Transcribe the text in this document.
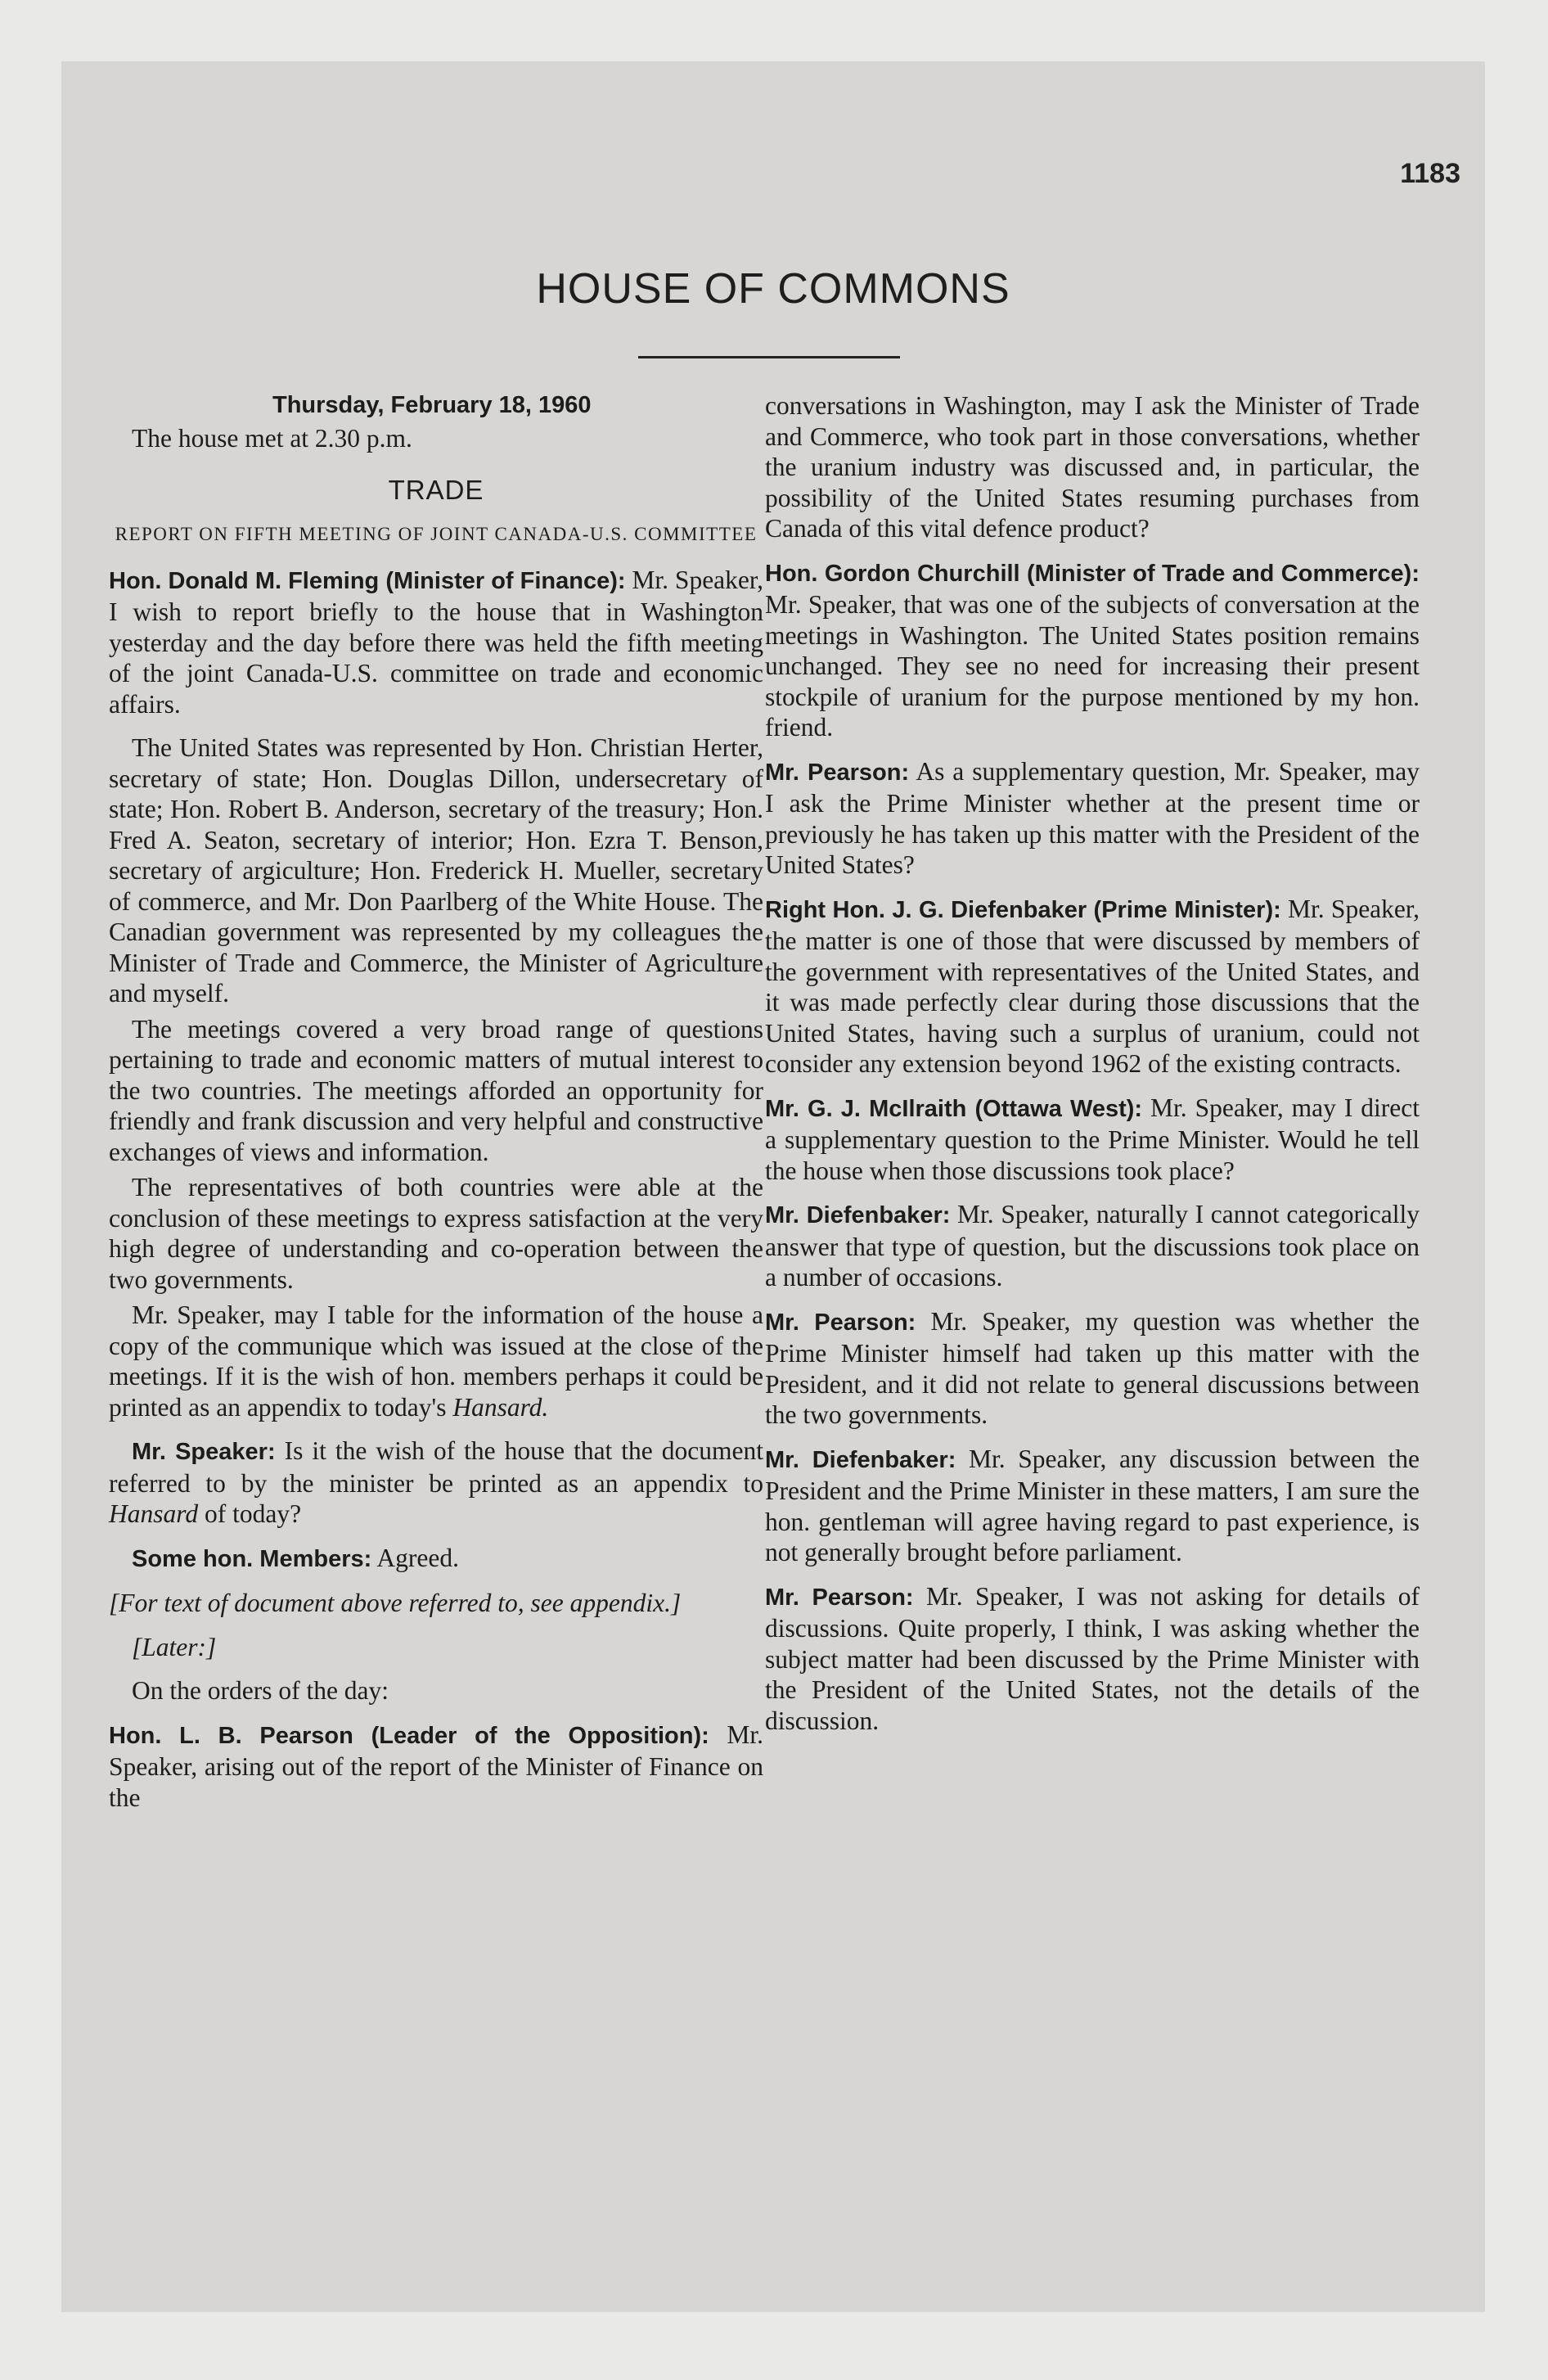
1183
HOUSE OF COMMONS

Thursday, February 18, 1960

The house met at 2.30 p.m.

TRADE

REPORT ON FIFTH MEETING OF JOINT CANADA-U.S. COMMITTEE

Hon. Donald M. Fleming (Minister of Finance): Mr. Speaker, I wish to report briefly to the house that in Washington yesterday and the day before there was held the fifth meeting of the joint Canada-U.S. committee on trade and economic affairs.

The United States was represented by Hon. Christian Herter, secretary of state; Hon. Douglas Dillon, undersecretary of state; Hon. Robert B. Anderson, secretary of the treasury; Hon. Fred A. Seaton, secretary of interior; Hon. Ezra T. Benson, secretary of argiculture; Hon. Frederick H. Mueller, secretary of commerce, and Mr. Don Paarlberg of the White House. The Canadian government was represented by my colleagues the Minister of Trade and Commerce, the Minister of Agriculture and myself.

The meetings covered a very broad range of questions pertaining to trade and economic matters of mutual interest to the two countries. The meetings afforded an opportunity for friendly and frank discussion and very helpful and constructive exchanges of views and information.

The representatives of both countries were able at the conclusion of these meetings to express satisfaction at the very high degree of understanding and co-operation between the two governments.

Mr. Speaker, may I table for the information of the house a copy of the communique which was issued at the close of the meetings. If it is the wish of hon. members perhaps it could be printed as an appendix to today's Hansard.

Mr. Speaker: Is it the wish of the house that the document referred to by the minister be printed as an appendix to Hansard of today?

Some hon. Members: Agreed.

[For text of document above referred to, see appendix.]

[Later:]

On the orders of the day:

Hon. L. B. Pearson (Leader of the Opposition): Mr. Speaker, arising out of the report of the Minister of Finance on the

conversations in Washington, may I ask the Minister of Trade and Commerce, who took part in those conversations, whether the uranium industry was discussed and, in particular, the possibility of the United States resuming purchases from Canada of this vital defence product?

Hon. Gordon Churchill (Minister of Trade and Commerce): Mr. Speaker, that was one of the subjects of conversation at the meetings in Washington. The United States position remains unchanged. They see no need for increasing their present stockpile of uranium for the purpose mentioned by my hon. friend.

Mr. Pearson: As a supplementary question, Mr. Speaker, may I ask the Prime Minister whether at the present time or previously he has taken up this matter with the President of the United States?

Right Hon. J. G. Diefenbaker (Prime Minister): Mr. Speaker, the matter is one of those that were discussed by members of the government with representatives of the United States, and it was made perfectly clear during those discussions that the United States, having such a surplus of uranium, could not consider any extension beyond 1962 of the existing contracts.

Mr. G. J. McIlraith (Ottawa West): Mr. Speaker, may I direct a supplementary question to the Prime Minister. Would he tell the house when those discussions took place?

Mr. Diefenbaker: Mr. Speaker, naturally I cannot categorically answer that type of question, but the discussions took place on a number of occasions.

Mr. Pearson: Mr. Speaker, my question was whether the Prime Minister himself had taken up this matter with the President, and it did not relate to general discussions between the two governments.

Mr. Diefenbaker: Mr. Speaker, any discussion between the President and the Prime Minister in these matters, I am sure the hon. gentleman will agree having regard to past experience, is not generally brought before parliament.

Mr. Pearson: Mr. Speaker, I was not asking for details of discussions. Quite properly, I think, I was asking whether the subject matter had been discussed by the Prime Minister with the President of the United States, not the details of the discussion.
